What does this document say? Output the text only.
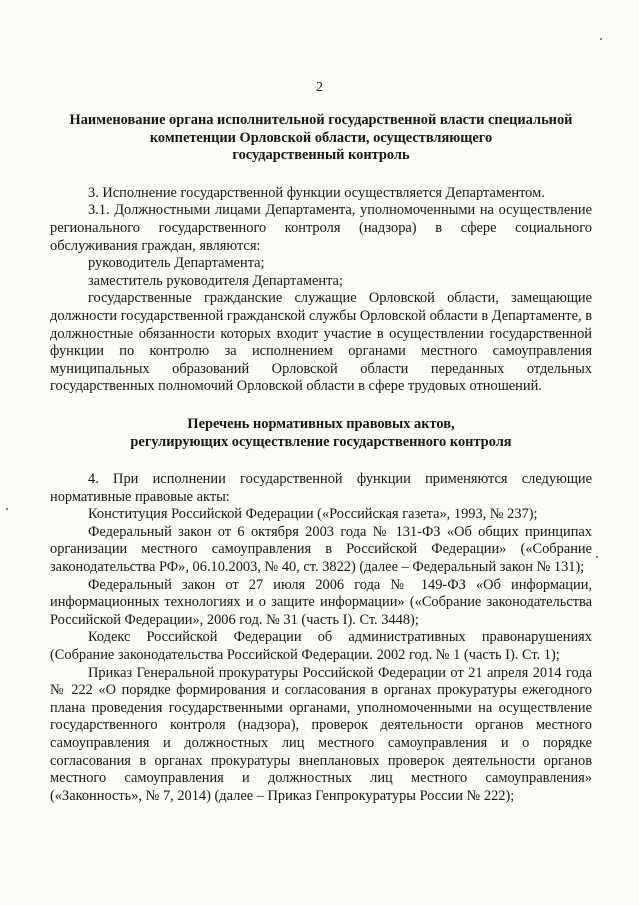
2
Наименование органа исполнительной государственной власти специальной
компетенции Орловской области, осуществляющего
государственный контроль

3. Исполнение государственной функции осуществляется Департаментом.

3.1. Должностными лицами Департамента, уполномоченными на осуществление регионального государственного контроля (надзора) в сфере социального обслуживания граждан, являются:

руководитель Департамента;

заместитель руководителя Департамента;

государственные гражданские служащие Орловской области, замещающие должности государственной гражданской службы Орловской области в Департаменте, в должностные обязанности которых входит участие в осуществлении государственной функции по контролю за исполнением органами местного самоуправления муниципальных образований Орловской области переданных отдельных государственных полномочий Орловской области в сфере трудовых отношений.

Перечень нормативных правовых актов,
регулирующих осуществление государственного контроля

4. При исполнении государственной функции применяются следующие нормативные правовые акты:

Конституция Российской Федерации («Российская газета», 1993, № 237);

Федеральный закон от 6 октября 2003 года № 131-ФЗ «Об общих принципах организации местного самоуправления в Российской Федерации» («Собрание законодательства РФ», 06.10.2003, № 40, ст. 3822) (далее – Федеральный закон № 131);

Федеральный закон от 27 июля 2006 года № 149-ФЗ «Об информации, информационных технологиях и о защите информации» («Собрание законодательства Российской Федерации», 2006 год. № 31 (часть I). Ст. 3448);

Кодекс Российской Федерации об административных правонарушениях (Собрание законодательства Российской Федерации. 2002 год. № 1 (часть I). Ст. 1);

Приказ Генеральной прокуратуры Российской Федерации от 21 апреля 2014 года № 222 «О порядке формирования и согласования в органах прокуратуры ежегодного плана проведения государственными органами, уполномоченными на осуществление государственного контроля (надзора), проверок деятельности органов местного самоуправления и должностных лиц местного самоуправления и о порядке согласования в органах прокуратуры внеплановых проверок деятельности органов местного самоуправления и должностных лиц местного самоуправления» («Законность», № 7, 2014) (далее – Приказ Генпрокуратуры России № 222);
